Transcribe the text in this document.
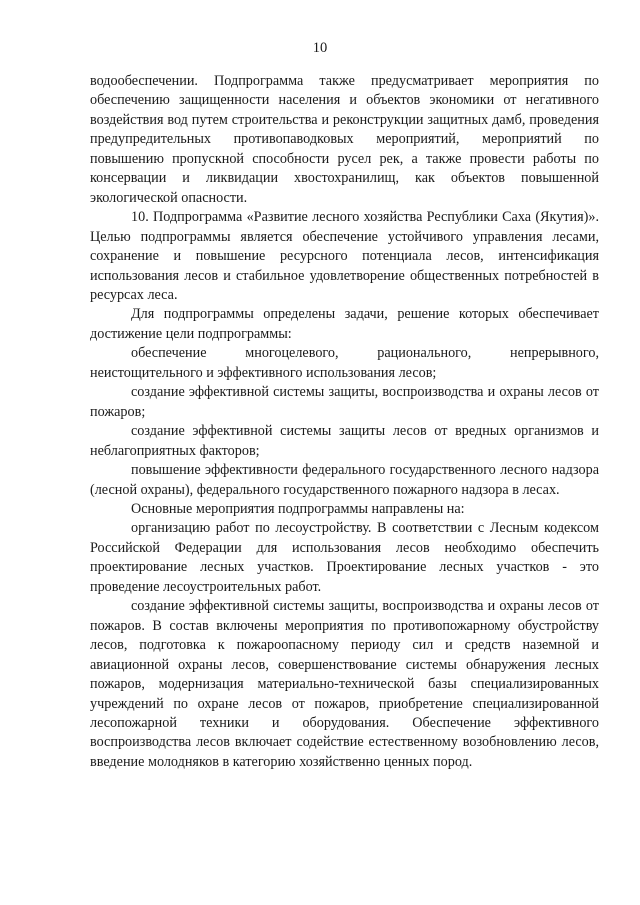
10

водообеспечении. Подпрограмма также предусматривает мероприятия по обеспечению защищенности населения и объектов экономики от негативного воздействия вод путем строительства и реконструкции защитных дамб, проведения предупредительных противопаводковых мероприятий, мероприятий по повышению пропускной способности русел рек, а также провести работы по консервации и ликвидации хвостохранилищ, как объектов повышенной экологической опасности.

10. Подпрограмма «Развитие лесного хозяйства Республики Саха (Якутия)». Целью подпрограммы является обеспечение устойчивого управления лесами, сохранение и повышение ресурсного потенциала лесов, интенсификация использования лесов и стабильное удовлетворение общественных потребностей в ресурсах леса.

Для подпрограммы определены задачи, решение которых обеспечивает достижение цели подпрограммы:

обеспечение многоцелевого, рационального, непрерывного, неистощительного и эффективного использования лесов;

создание эффективной системы защиты, воспроизводства и охраны лесов от пожаров;

создание эффективной системы защиты лесов от вредных организмов и неблагоприятных факторов;

повышение эффективности федерального государственного лесного надзора (лесной охраны), федерального государственного пожарного надзора в лесах.

Основные мероприятия подпрограммы направлены на:

организацию работ по лесоустройству. В соответствии с Лесным кодексом Российской Федерации для использования лесов необходимо обеспечить проектирование лесных участков. Проектирование лесных участков - это проведение лесоустроительных работ.

создание эффективной системы защиты, воспроизводства и охраны лесов от пожаров. В состав включены мероприятия по противопожарному обустройству лесов, подготовка к пожароопасному периоду сил и средств наземной и авиационной охраны лесов, совершенствование системы обнаружения лесных пожаров, модернизация материально-технической базы специализированных учреждений по охране лесов от пожаров, приобретение специализированной лесопожарной техники и оборудования. Обеспечение эффективного воспроизводства лесов включает содействие естественному возобновлению лесов, введение молодняков в категорию хозяйственно ценных пород.
